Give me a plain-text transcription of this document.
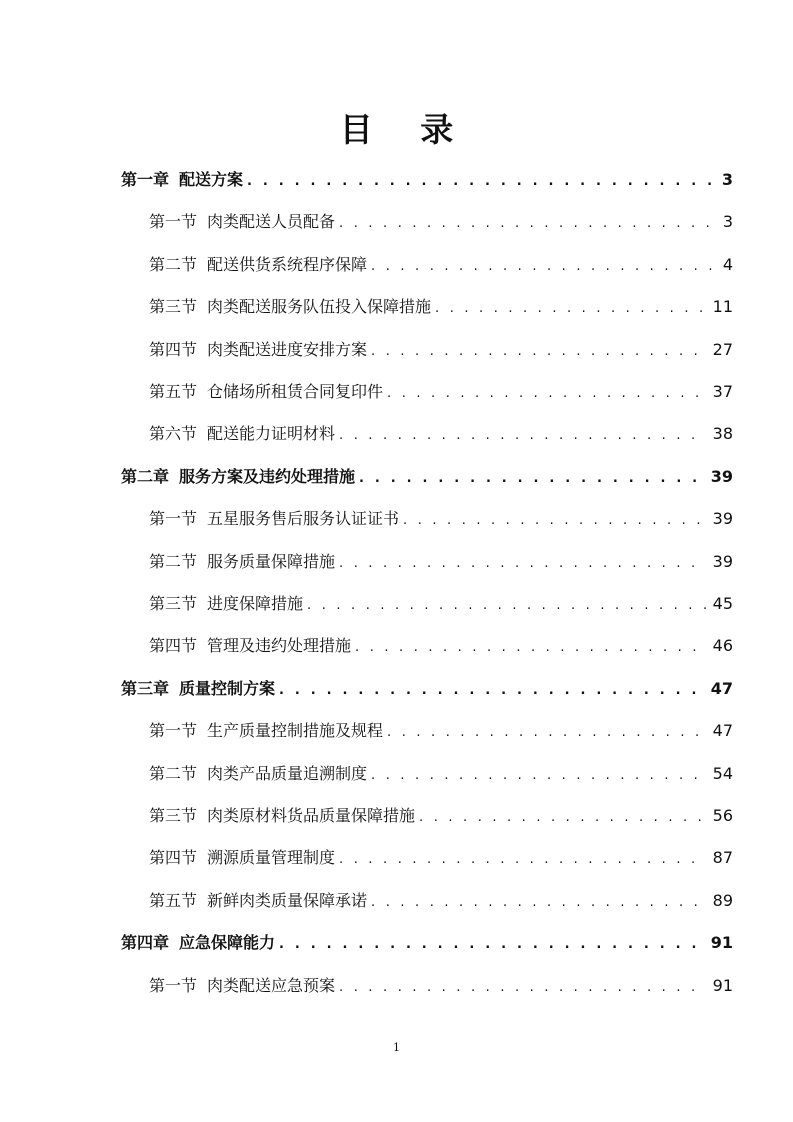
目 录
第一章 配送方案 . . .	3
第一节 肉类配送人员配备 . . .	3
第二节 配送供货系统程序保障 . . .	4
第三节 肉类配送服务队伍投入保障措施 . . .	11
第四节 肉类配送进度安排方案 . . .	27
第五节 仓储场所租赁合同复印件 . . .	37
第六节 配送能力证明材料 . . .	38
第二章 服务方案及违约处理措施 . . .	39
第一节 五星服务售后服务认证证书 . . .	39
第二节 服务质量保障措施 . . .	39
第三节 进度保障措施 . . .	45
第四节 管理及违约处理措施 . . .	46
第三章 质量控制方案 . . .	47
第一节 生产质量控制措施及规程 . . .	47
第二节 肉类产品质量追溯制度 . . .	54
第三节 肉类原材料货品质量保障措施 . . .	56
第四节 溯源质量管理制度 . . .	87
第五节 新鲜肉类质量保障承诺 . . .	89
第四章 应急保障能力 . . .	91
第一节 肉类配送应急预案 . . .	91
1
